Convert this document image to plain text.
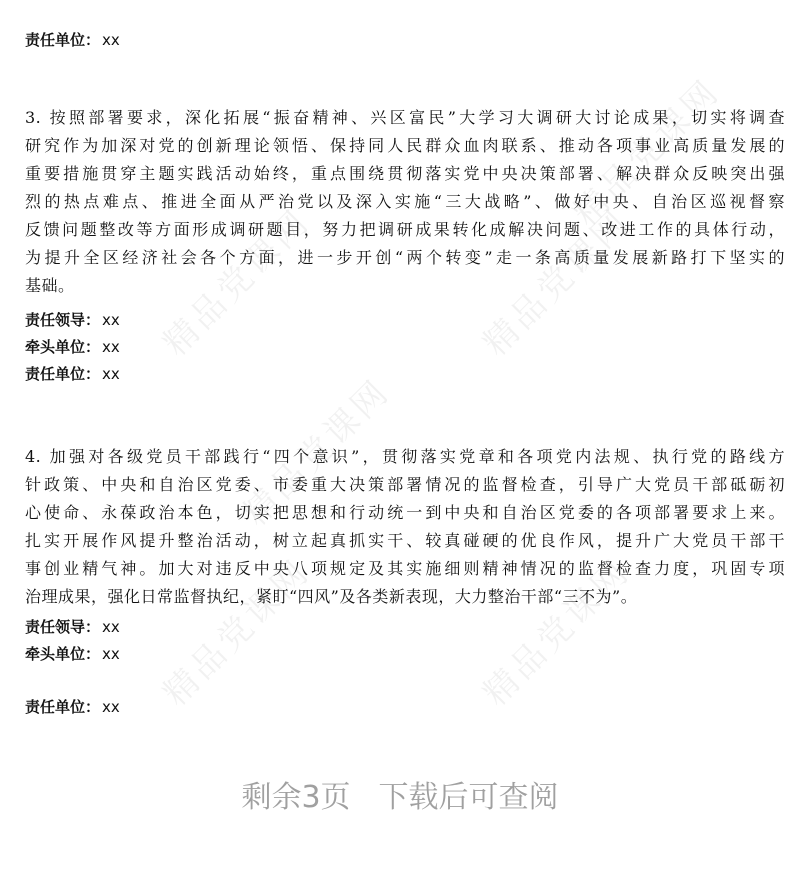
精品党课网	精品党课网
精品党课网
精品党课网	精品党课网
精品党课网
责任单位： xx
3. 按照部署要求，深化拓展“振奋精神、兴区富民”大学习大调研大讨论成果，切实将调查
研究作为加深对党的创新理论领悟、保持同人民群众血肉联系、推动各项事业高质量发展的
重要措施贯穿主题实践活动始终，重点围绕贯彻落实党中央决策部署、解决群众反映突出强
烈的热点难点、推进全面从严治党以及深入实施“三大战略”、做好中央、自治区巡视督察
反馈问题整改等方面形成调研题目，努力把调研成果转化成解决问题、改进工作的具体行动，
为提升全区经济社会各个方面，进一步开创“两个转变”走一条高质量发展新路打下坚实的
基础。
责任领导： xx
牵头单位： xx
责任单位： xx
4. 加强对各级党员干部践行“四个意识”，贯彻落实党章和各项党内法规、执行党的路线方
针政策、中央和自治区党委、市委重大决策部署情况的监督检查，引导广大党员干部砥砺初
心使命、永葆政治本色，切实把思想和行动统一到中央和自治区党委的各项部署要求上来。
扎实开展作风提升整治活动，树立起真抓实干、较真碰硬的优良作风，提升广大党员干部干
事创业精气神。加大对违反中央八项规定及其实施细则精神情况的监督检查力度，巩固专项
治理成果，强化日常监督执纪，紧盯“四风”及各类新表现，大力整治干部“三不为”。
责任领导： xx
牵头单位： xx
责任单位： xx
剩余3页 下载后可查阅
